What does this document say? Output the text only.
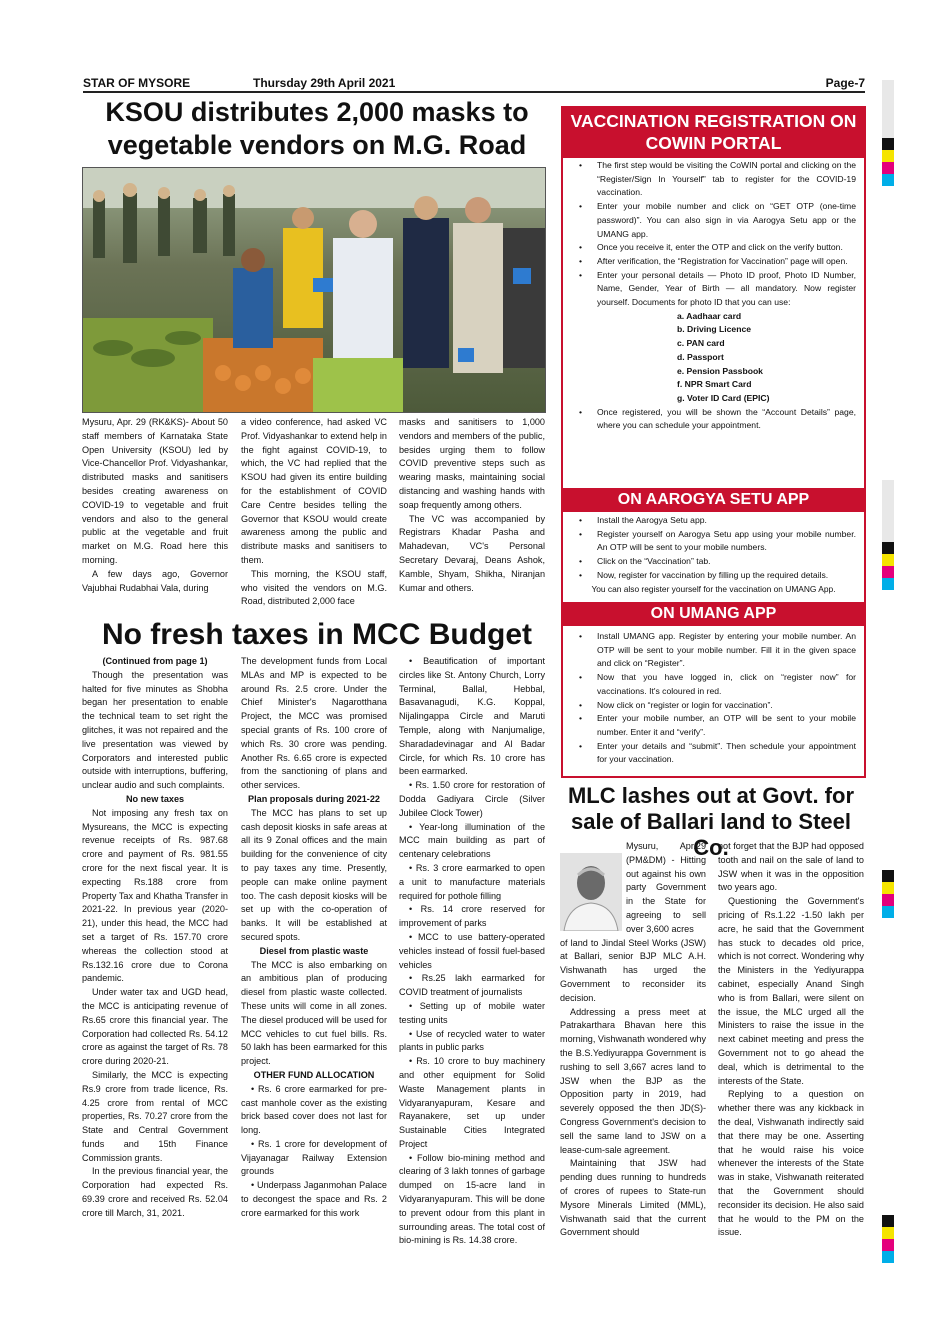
STAR OF MYSORE	Thursday 29th April 2021	Page-7
KSOU distributes 2,000 masks to vegetable vendors on M.G. Road

Mysuru, Apr. 29 (RK&KS)- About 50 staff members of Karnataka State Open University (KSOU) led by Vice-Chancellor Prof. Vidyashankar, distributed masks and sanitisers besides creating awareness on COVID-19 to vegetable and fruit vendors and also to the general public at the vegetable and fruit market on M.G. Road here this morning.

A few days ago, Governor Vajubhai Rudabhai Vala, during

a video conference, had asked VC Prof. Vidyashankar to extend help in the fight against COVID-19, to which, the VC had replied that the KSOU had given its entire building for the establishment of COVID Care Centre besides telling the Governor that KSOU would create awareness among the public and distribute masks and sanitisers to them.

This morning, the KSOU staff, who visited the vendors on M.G. Road, distributed 2,000 face

masks and sanitisers to 1,000 vendors and members of the public, besides urging them to follow COVID preventive steps such as wearing masks, maintaining social distancing and washing hands with soap frequently among others.

The VC was accompanied by Registrars Khadar Pasha and Mahadevan, VC's Personal Secretary Devaraj, Deans Ashok, Kamble, Shyam, Shikha, Niranjan Kumar and others.

No fresh taxes in MCC Budget

(Continued from page 1)

Though the presentation was halted for five minutes as Shobha began her presentation to enable the technical team to set right the glitches, it was not repaired and the live presentation was viewed by Corporators and interested public outside with interruptions, buffering, unclear audio and such complaints.

No new taxes

Not imposing any fresh tax on Mysureans, the MCC is expecting revenue receipts of Rs. 987.68 crore and payment of Rs. 981.55 crore for the next fiscal year. It is expecting Rs.188 crore from Property Tax and Khatha Transfer in 2021-22. In previous year (2020-21), under this head, the MCC had set a target of Rs. 157.70 crore whereas the collection stood at Rs.132.16 crore due to Corona pandemic.

Under water tax and UGD head, the MCC is anticipating revenue of Rs.65 crore this financial year. The Corporation had collected Rs. 54.12 crore as against the target of Rs. 78 crore during 2020-21.

Similarly, the MCC is expecting Rs.9 crore from trade licence, Rs. 4.25 crore from rental of MCC properties, Rs. 70.27 crore from the State and Central Government funds and 15th Finance Commission grants.

In the previous financial year, the Corporation had expected Rs. 69.39 crore and received Rs. 52.04 crore till March, 31, 2021.

The development funds from Local MLAs and MP is expected to be around Rs. 2.5 crore. Under the Chief Minister's Nagarotthana Project, the MCC was promised special grants of Rs. 100 crore of which Rs. 30 crore was pending. Another Rs. 6.65 crore is expected from the sanctioning of plans and other services.

Plan proposals during 2021-22

The MCC has plans to set up cash deposit kiosks in safe areas at all its 9 Zonal offices and the main building for the convenience of city to pay taxes any time. Presently, people can make online payment too. The cash deposit kiosks will be set up with the co-operation of banks. It will be established at secured spots.

Diesel from plastic waste

The MCC is also embarking on an ambitious plan of producing diesel from plastic waste collected. These units will come in all zones. The diesel produced will be used for MCC vehicles to cut fuel bills. Rs. 50 lakh has been earmarked for this project.

OTHER FUND ALLOCATION

• Rs. 6 crore earmarked for pre-cast manhole cover as the existing brick based cover does not last for long.

• Rs. 1 crore for development of Vijayanagar Railway Extension grounds

• Underpass Jaganmohan Palace to decongest the space and Rs. 2 crore earmarked for this work

• Beautification of important circles like St. Antony Church, Lorry Terminal, Ballal, Hebbal, Basavanagudi, K.G. Koppal, Nijalingappa Circle and Maruti Temple, along with Nanjumalige, Sharadadevinagar and Al Badar Circle, for which Rs. 10 crore has been earmarked.

• Rs. 1.50 crore for restoration of Dodda Gadiyara Circle (Silver Jubilee Clock Tower)

• Year-long illumination of the MCC main building as part of centenary celebrations

• Rs. 3 crore earmarked to open a unit to manufacture materials required for pothole filling

• Rs. 14 crore reserved for improvement of parks

• MCC to use battery-operated vehicles instead of fossil fuel-based vehicles

• Rs.25 lakh earmarked for COVID treatment of journalists

• Setting up of mobile water testing units

• Use of recycled water to water plants in public parks

• Rs. 10 crore to buy machinery and other equipment for Solid Waste Management plants in Vidyaranyapuram, Kesare and Rayanakere, set up under Sustainable Cities Integrated Project

• Follow bio-mining method and clearing of 3 lakh tonnes of garbage dumped on 15-acre land in Vidyaranyapuram. This will be done to prevent odour from this plant in surrounding areas. The total cost of bio-mining is Rs. 14.38 crore.

VACCINATION REGISTRATION ON COWIN PORTAL
• The first step would be visiting the CoWIN portal and clicking on the “Register/Sign In Yourself” tab to register for the COVID-19 vaccination.
• Enter your mobile number and click on “GET OTP (one-time password)”. You can also sign in via Aarogya Setu app or the UMANG app.
• Once you receive it, enter the OTP and click on the verify button.
• After verification, the “Registration for Vaccination” page will open.
• Enter your personal details — Photo ID proof, Photo ID Number, Name, Gender, Year of Birth — all mandatory. Now register yourself. Documents for photo ID that you can use:
a. Aadhaar card
b. Driving Licence
c. PAN card
d. Passport
e. Pension Passbook
f. NPR Smart Card
g. Voter ID Card (EPIC)
• Once registered, you will be shown the “Account Details” page, where you can schedule your appointment.
ON AAROGYA SETU APP
• Install the Aarogya Setu app.
• Register yourself on Aarogya Setu app using your mobile number. An OTP will be sent to your mobile numbers.
• Click on the “Vaccination” tab.
• Now, register for vaccination by filling up the required details.
You can also register yourself for the vaccination on UMANG App.
ON UMANG APP
• Install UMANG app. Register by entering your mobile number. An OTP will be sent to your mobile number. Fill it in the given space and click on “Register”.
• Now that you have logged in, click on “register now” for vaccinations. It's coloured in red.
• Now click on “register or login for vaccination”.
• Enter your mobile number, an OTP will be sent to your mobile number. Enter it and “verify”.
• Enter your details and “submit”. Then schedule your appointment for your vaccination.
MLC lashes out at Govt. for sale of Ballari land to Steel Co.

Mysuru, Apr.29 (PM&DM) - Hitting out against his own party Government in the State for agreeing to sell over 3,600 acres

of land to Jindal Steel Works (JSW) at Ballari, senior BJP MLC A.H. Vishwanath has urged the Government to reconsider its decision.

Addressing a press meet at Patrakarthara Bhavan here this morning, Vishwanath wondered why the B.S.Yediyurappa Government is rushing to sell 3,667 acres land to JSW when the BJP as the Opposition party in 2019, had severely opposed the then JD(S)-Congress Government's decision to sell the same land to JSW on a lease-cum-sale agreement.

Maintaining that JSW had pending dues running to hundreds of crores of rupees to State-run Mysore Minerals Limited (MML), Vishwanath said that the current Government should

not forget that the BJP had opposed tooth and nail on the sale of land to JSW when it was in the opposition two years ago.

Questioning the Government's pricing of Rs.1.22 -1.50 lakh per acre, he said that the Government has stuck to decades old price, which is not correct. Wondering why the Ministers in the Yediyurappa cabinet, especially Anand Singh who is from Ballari, were silent on the issue, the MLC urged all the Ministers to raise the issue in the next cabinet meeting and press the Government not to go ahead the deal, which is detrimental to the interests of the State.

Replying to a question on whether there was any kickback in the deal, Vishwanath indirectly said that there may be one. Asserting that he would raise his voice whenever the interests of the State was in stake, Vishwanath reiterated that the Government should reconsider its decision. He also said that he would to the PM on the issue.
